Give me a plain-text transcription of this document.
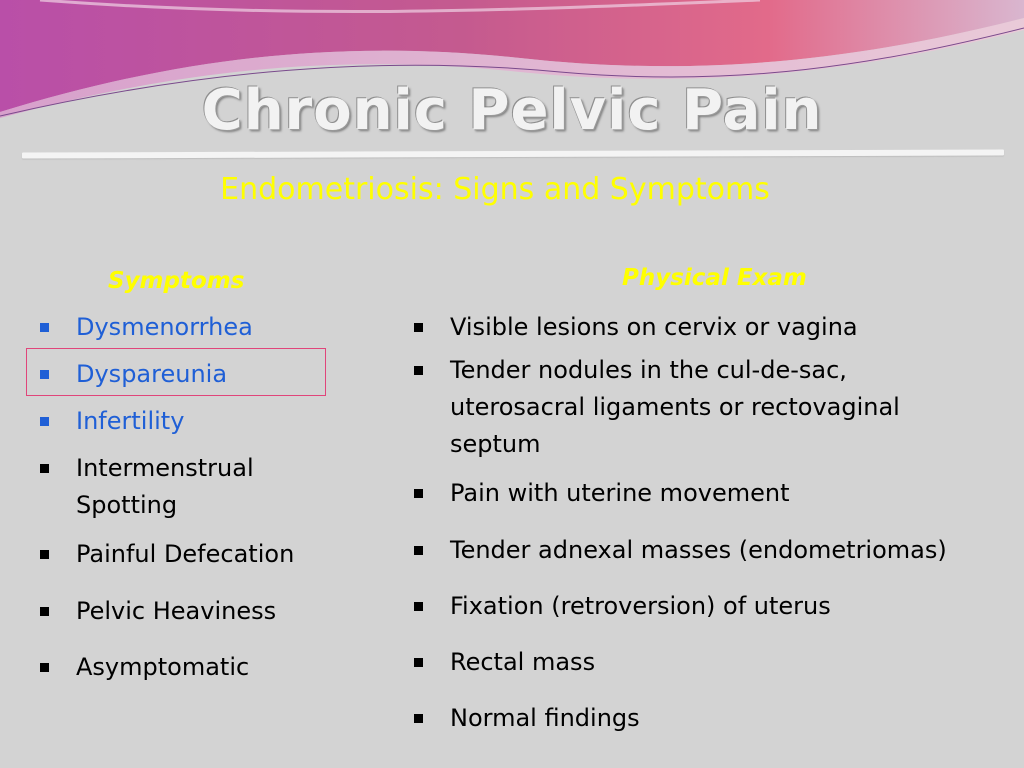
Chronic Pelvic Pain
Endometriosis: Signs and Symptoms
Symptoms	Physical Exam
Dysmenorrhea
Dyspareunia
Infertility
Intermenstrual Spotting
Painful Defecation
Pelvic Heaviness
Asymptomatic
Visible lesions on cervix or vagina
Tender nodules in the cul-de-sac, uterosacral ligaments or rectovaginal septum
Pain with uterine movement
Tender adnexal masses (endometriomas)
Fixation (retroversion) of uterus
Rectal mass
Normal findings
